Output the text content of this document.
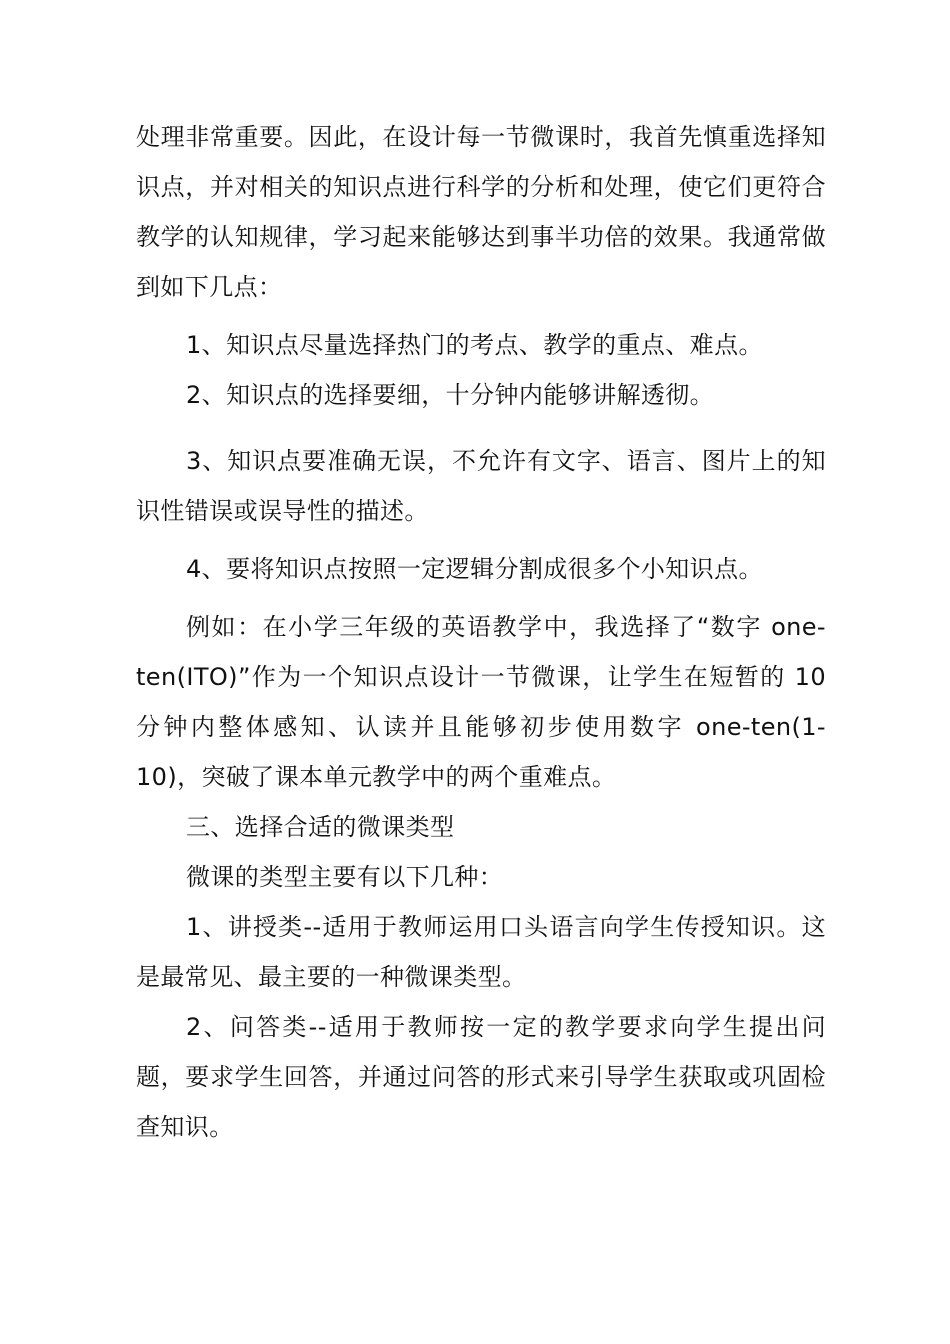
处理非常重要。因此，在设计每一节微课时，我首先慎重选择知识点，并对相关的知识点进行科学的分析和处理，使它们更符合教学的认知规律，学习起来能够达到事半功倍的效果。我通常做到如下几点：

1、知识点尽量选择热门的考点、教学的重点、难点。

2、知识点的选择要细，十分钟内能够讲解透彻。

3、知识点要准确无误，不允许有文字、语言、图片上的知识性错误或误导性的描述。

4、要将知识点按照一定逻辑分割成很多个小知识点。

例如：在小学三年级的英语教学中，我选择了“数字 one-ten(ITO)”作为一个知识点设计一节微课，让学生在短暂的 10 分钟内整体感知、认读并且能够初步使用数字 one-ten(1-10)，突破了课本单元教学中的两个重难点。

三、选择合适的微课类型

微课的类型主要有以下几种：

1、讲授类--适用于教师运用口头语言向学生传授知识。这是最常见、最主要的一种微课类型。

2、问答类--适用于教师按一定的教学要求向学生提出问题，要求学生回答，并通过问答的形式来引导学生获取或巩固检查知识。
